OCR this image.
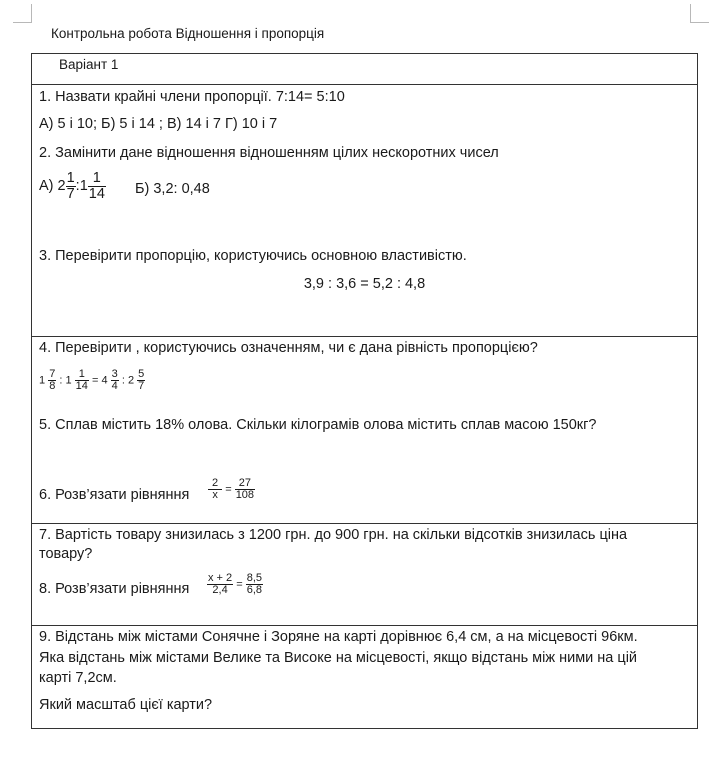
Контрольна робота Відношення і пропорція
Варіант 1

1. Назвати крайні члени пропорції. 7:14= 5:10
А) 5 і 10; Б) 5 і 14 ; В) 14 і 7 Г) 10 і 7
2. Замінити дане відношення відношенням цілих нескоротних чисел
А) $2 \frac{1}{7}$ :1 $\frac{1}{14} Б$) 3,2: 0,48
3. Перевірити пропорцію, користуючись основною властивістю.
3,9 : 3,6 = 5,2 : 4,8

4. Перевірити , користуючись означенням, чи є дана рівність пропорцією?
$1 \frac{7}{8}$ : $1 \frac{1}{14} = 4 \frac{3}{4}$ : $2 \frac{5}{7}$
5. Сплав містить 18% олова. Скільки кілограмів олова містить сплав масою 150кг?
6. Розв’язати рівняння $\frac{2}{x} = \frac{27}{108}$

7. Вартість товару знизилась з 1200 грн. до 900 грн. на скільки відсотків знизилась ціна
товару?
8. Розв’язати рівняння $\frac{x + 2}{2,4} = \frac{8,5}{6,8}$

9. Відстань між містами Сонячне і Зоряне на карті дорівнює 6,4 см, а на місцевості 96км.
Яка відстань між містами Велике та Високе на місцевості, якщо відстань між ними на цій
карті 7,2см.
Який масштаб цієї карти?
